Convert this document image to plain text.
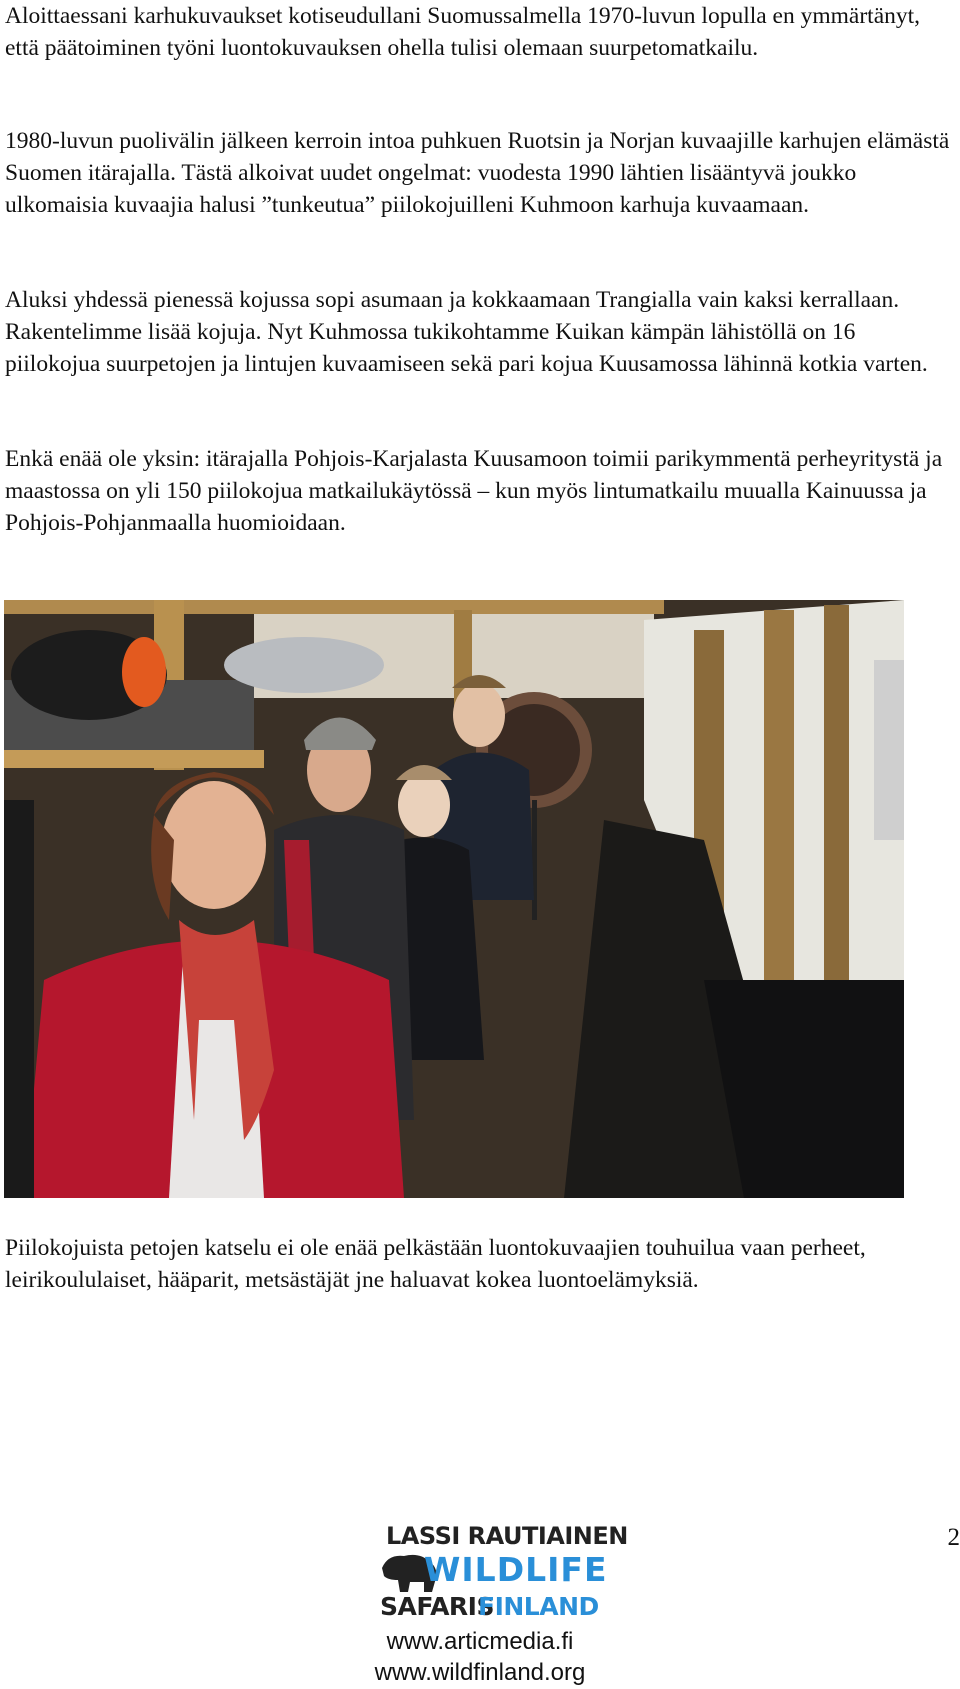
Aloittaessani karhukuvaukset kotiseudullani Suomussalmella 1970-luvun lopulla en ymmärtänyt, että päätoiminen työni luontokuvauksen ohella tulisi olemaan suurpetomatkailu.

1980-luvun puolivälin jälkeen kerroin intoa puhkuen Ruotsin ja Norjan kuvaajille karhujen elämästä Suomen itärajalla. Tästä alkoivat uudet ongelmat: vuodesta 1990 lähtien lisääntyvä joukko ulkomaisia kuvaajia halusi ”tunkeutua” piilokojuilleni Kuhmoon karhuja kuvaamaan.

Aluksi yhdessä pienessä kojussa sopi asumaan ja kokkaamaan Trangialla vain kaksi kerrallaan. Rakentelimme lisää kojuja. Nyt Kuhmossa tukikohtamme Kuikan kämpän lähistöllä on 16 piilokojua suurpetojen ja lintujen kuvaamiseen sekä pari kojua Kuusamossa lähinnä kotkia varten.

Enkä enää ole yksin: itärajalla Pohjois-Karjalasta Kuusamoon toimii parikymmentä perheyritystä ja maastossa on yli 150 piilokojua matkailukäytössä – kun myös lintumatkailu muualla Kainuussa ja Pohjois-Pohjanmaalla huomioidaan.

Piilokojuista petojen katselu ei ole enää pelkästään luontokuvaajien touhuilua vaan perheet, leirikoululaiset, hääparit, metsästäjät jne haluavat kokea luontoelämyksiä.

2
LASSI RAUTIAINEN
WILDLIFE
SAFARIS
FINLAND
www.articmedia.fi
www.wildfinland.org
